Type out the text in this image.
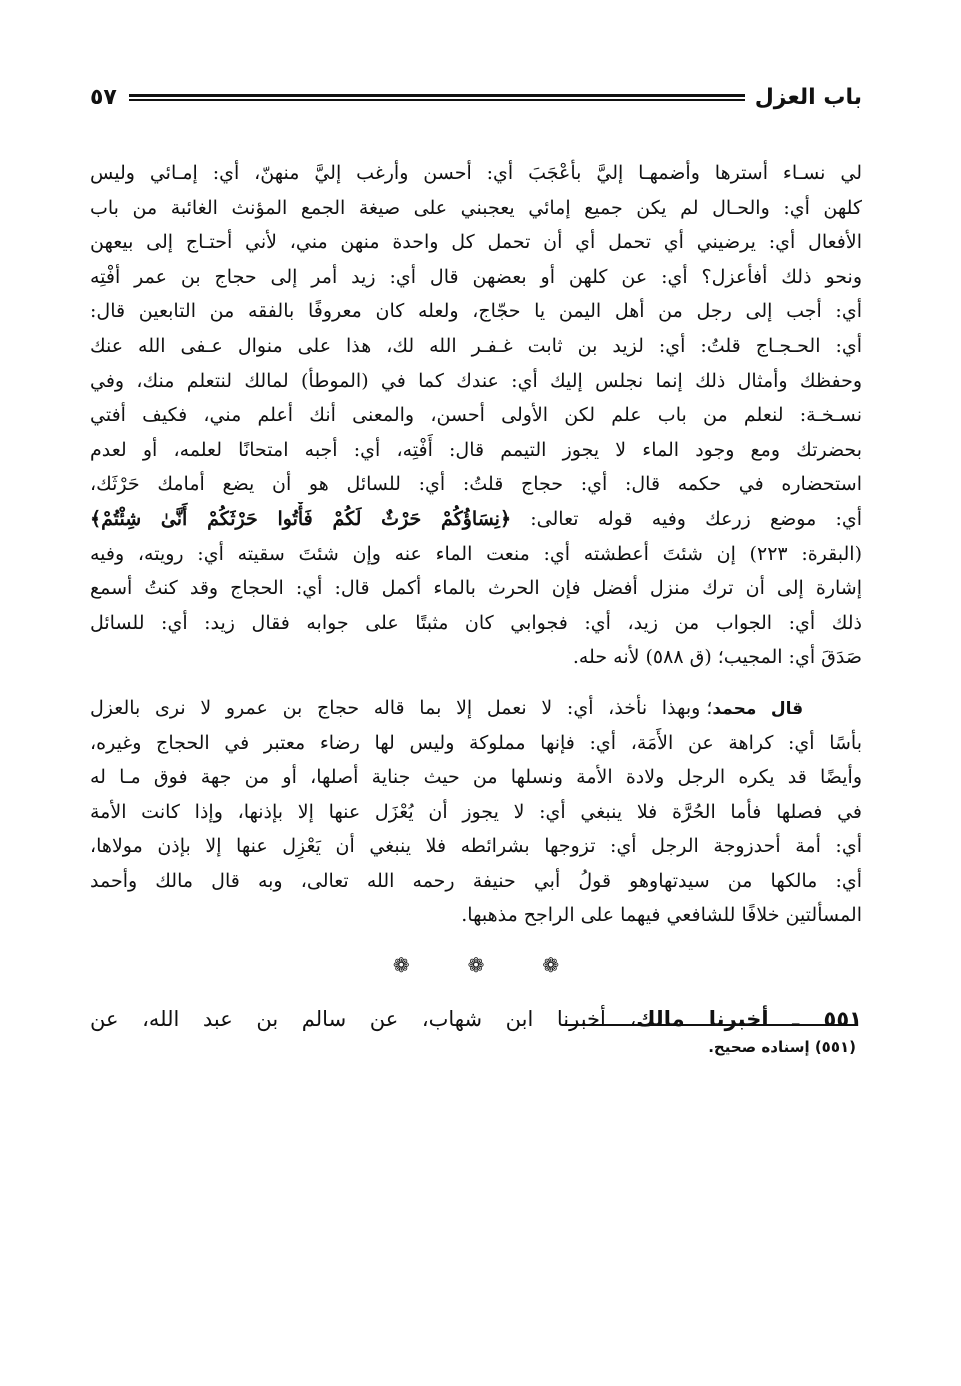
باب العزل
٥٧
لي نسـاء أسترها وأضمهـا إليَّ بأعْجَبَ أي: أحسن وأرغب إليَّ منهنّ، أي: إمـائي وليس
كلهن أي: والحـال لم يكن جميع إمائي يعجبني على صيغة الجمع المؤنث الغائبة من باب
الأفعال أي: يرضيني أي تحمل أي أن تحمل كل واحدة منهن مني، لأني أحتـاج إلى بيعهن
ونحو ذلك أفأعزل؟ أي: عن كلهن أو بعضهن قال أي: زيد أمر إلى حجاج بن عمر أفْتِه
أي: أجب إلى رجل من أهل اليمن يا حجّاج، ولعله كان معروفًا بالفقه من التابعين قال:
أي: الحـجـاج قلتُ: أي: لزيد بن ثابت غـفـر الله لك، هذا على منوال عـفى الله عنك
وحفظك وأمثال ذلك إنما نجلس إليك أي: عندك كما في (الموطأ) لمالك لنتعلم منك، وفي
نسـخـة: لنعلم من باب علم لكن الأولى أحسن، والمعنى أنك أعلم مني، فكيف أفتي
بحضرتك ومع وجود الماء لا يجوز التيمم قال: أَفْتِه، أي: أجبه امتحانًا لعلمه، أو لعدم
استحضاره في حكمه قال: أي: حجاج قلتُ: أي: للسائل هو أن يضع أمامك حَرْثَك،
أي: موضع زرعك وفيه قوله تعالى: ﴿نِسَاؤُكُمْ حَرْثٌ لَكُمْ فَأْتُوا حَرْثَكُمْ أَنَّىٰ شِئْتُمْ﴾
(البقرة: ٢٢٣) إن شئتَ أعطشته أي: منعت الماء عنه وإن شئتَ سقيته أي: رويته، وفيه
إشارة إلى أن ترك منزل أفضل فإن الحرث بالماء أكمل قال: أي: الحجاج وقد كنتُ أسمع
ذلك أي: الجواب من زيد، أي: فجوابي كان مثبتًا على جوابه فقال زيد: أي: للسائل
صَدَقَ أي: المجيب؛ (ق ٥٨٨) لأنه حله.
قال محمد؛ وبهذا نأخذ، أي: لا نعمل إلا بما قاله حجاج بن عمرو لا نرى بالعزل
بأسًا أي: كراهة عن الأَمَة، أي: فإنها مملوكة وليس لها رضاء معتبر في الحجاج وغيره،
وأيضًا قد يكره الرجل ولادة الأمة ونسلها من حيث جناية أصلها، أو من جهة فوق مـا له
في فصلها فأما الحُرَّة فلا ينبغي أي: لا يجوز أن يُعْزَل عنها إلا بإذنها، وإذا كانت الأمة
أي: أمة أحدزوجة الرجل أي: تزوجها بشرائطه فلا ينبغي أن يَعْزِل عنها إلا بإذن مولاها،
أي: مالكها من سيدتهاوهو قولُ أبي حنيفة رحمه الله تعالى، وبه قال مالك وأحمد
المسألتين خلافًا للشافعي فيهما على الراجح مذهبها.
❁
❁
❁
٥٥١ ـ أخبرنا مالك، أخبرنا ابن شهاب، عن سالم بن عبد الله، عن
(٥٥١) إسناده صحيح.
